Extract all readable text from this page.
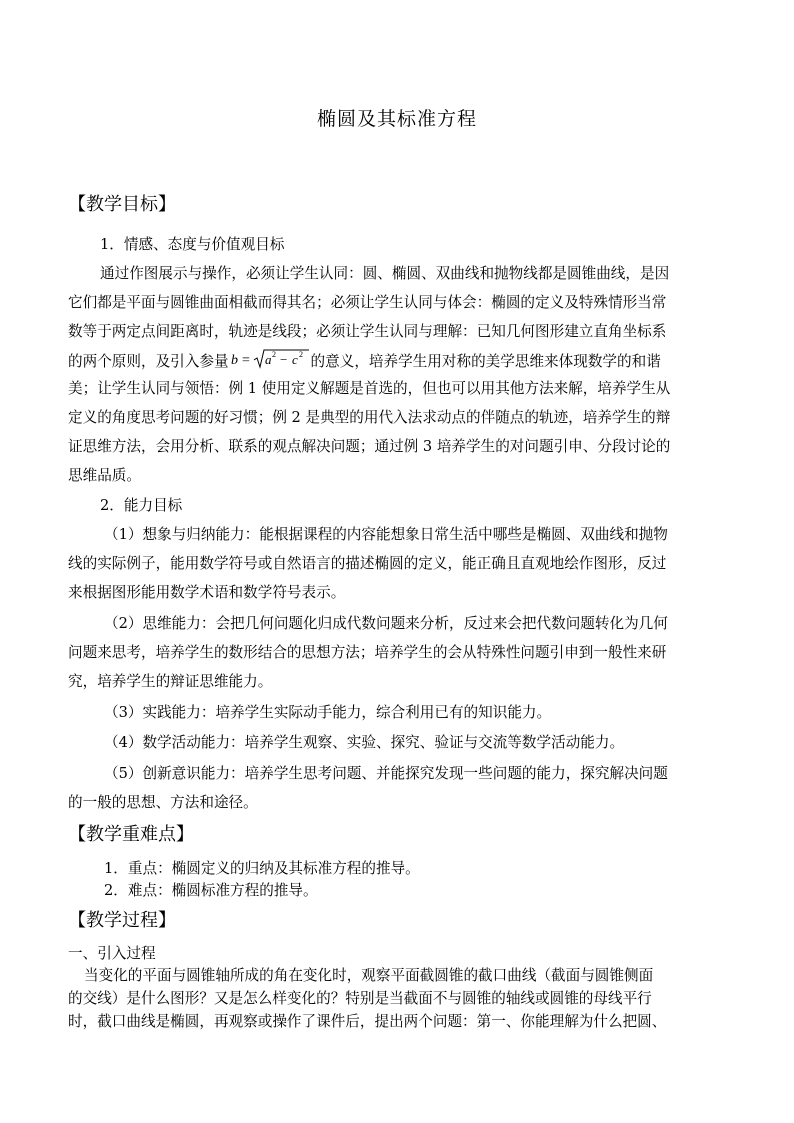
椭圆及其标准方程
【教学目标】
1．情感、态度与价值观目标
通过作图展示与操作，必须让学生认同：圆、椭圆、双曲线和抛物线都是圆锥曲线，是因
它们都是平面与圆锥曲面相截而得其名；必须让学生认同与体会：椭圆的定义及特殊情形当常
数等于两定点间距离时，轨迹是线段；必须让学生认同与理解：已知几何图形建立直角坐标系
的两个原则，及引入参量 b = a 2 − c 2 的意义，培养学生用对称的美学思维来体现数学的和谐
美；让学生认同与领悟：例 1 使用定义解题是首选的，但也可以用其他方法来解，培养学生从
定义的角度思考问题的好习惯；例 2 是典型的用代入法求动点的伴随点的轨迹，培养学生的辩
证思维方法，会用分析、联系的观点解决问题；通过例 3 培养学生的对问题引申、分段讨论的
思维品质。
2．能力目标
（1）想象与归纳能力：能根据课程的内容能想象日常生活中哪些是椭圆、双曲线和抛物
线的实际例子，能用数学符号或自然语言的描述椭圆的定义，能正确且直观地绘作图形，反过
来根据图形能用数学术语和数学符号表示。
（2）思维能力：会把几何问题化归成代数问题来分析，反过来会把代数问题转化为几何
问题来思考，培养学生的数形结合的思想方法；培养学生的会从特殊性问题引申到一般性来研
究，培养学生的辩证思维能力。
（3）实践能力：培养学生实际动手能力，综合利用已有的知识能力。
（4）数学活动能力：培养学生观察、实验、探究、验证与交流等数学活动能力。
（5）创新意识能力：培养学生思考问题、并能探究发现一些问题的能力，探究解决问题
的一般的思想、方法和途径。
【教学重难点】
1．重点：椭圆定义的归纳及其标准方程的推导。
2．难点：椭圆标准方程的推导。
【教学过程】
一、引入过程
当变化的平面与圆锥轴所成的角在变化时，观察平面截圆锥的截口曲线（截面与圆锥侧面
的交线）是什么图形？又是怎么样变化的？特别是当截面不与圆锥的轴线或圆锥的母线平行
时，截口曲线是椭圆，再观察或操作了课件后，提出两个问题：第一、你能理解为什么把圆、
